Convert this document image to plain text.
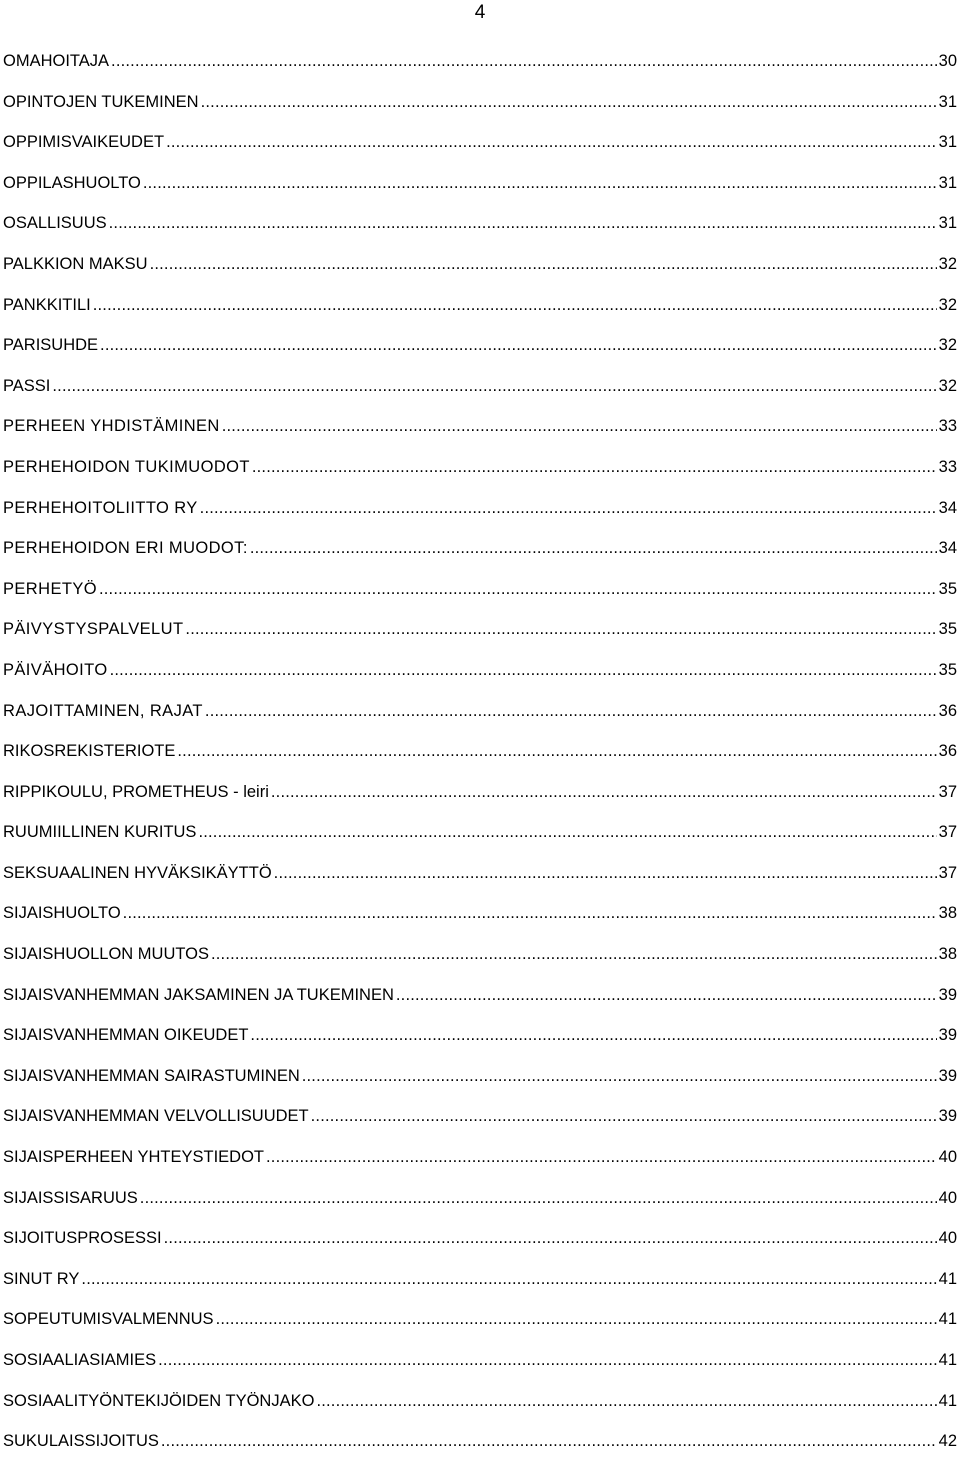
4
OMAHOITAJA .....	30
OPINTOJEN TUKEMINEN .....	31
OPPIMISVAIKEUDET .....	31
OPPILASHUOLTO .....	31
OSALLISUUS .....	31
PALKKION MAKSU .....	32
PANKKITILI .....	32
PARISUHDE .....	32
PASSI .....	32
PERHEEN YHDISTÄMINEN .....	33
PERHEHOIDON TUKIMUODOT .....	33
PERHEHOITOLIITTO RY .....	34
PERHEHOIDON ERI MUODOT: .....	34
PERHETYÖ .....	35
PÄIVYSTYSPALVELUT .....	35
PÄIVÄHOITO .....	35
RAJOITTAMINEN, RAJAT .....	36
RIKOSREKISTERIOTE .....	36
RIPPIKOULU, PROMETHEUS - leiri .....	37
RUUMIILLINEN KURITUS .....	37
SEKSUAALINEN HYVÄKSIKÄYTTÖ .....	37
SIJAISHUOLTO .....	38
SIJAISHUOLLON MUUTOS .....	38
SIJAISVANHEMMAN JAKSAMINEN JA TUKEMINEN .....	39
SIJAISVANHEMMAN OIKEUDET .....	39
SIJAISVANHEMMAN SAIRASTUMINEN .....	39
SIJAISVANHEMMAN VELVOLLISUUDET .....	39
SIJAISPERHEEN YHTEYSTIEDOT .....	40
SIJAISSISARUUS .....	40
SIJOITUSPROSESSI .....	40
SINUT RY .....	41
SOPEUTUMISVALMENNUS .....	41
SOSIAALIASIAMIES .....	41
SOSIAALITYÖNTEKIJÖIDEN TYÖNJAKO .....	41
SUKULAISSIJOITUS .....	42
